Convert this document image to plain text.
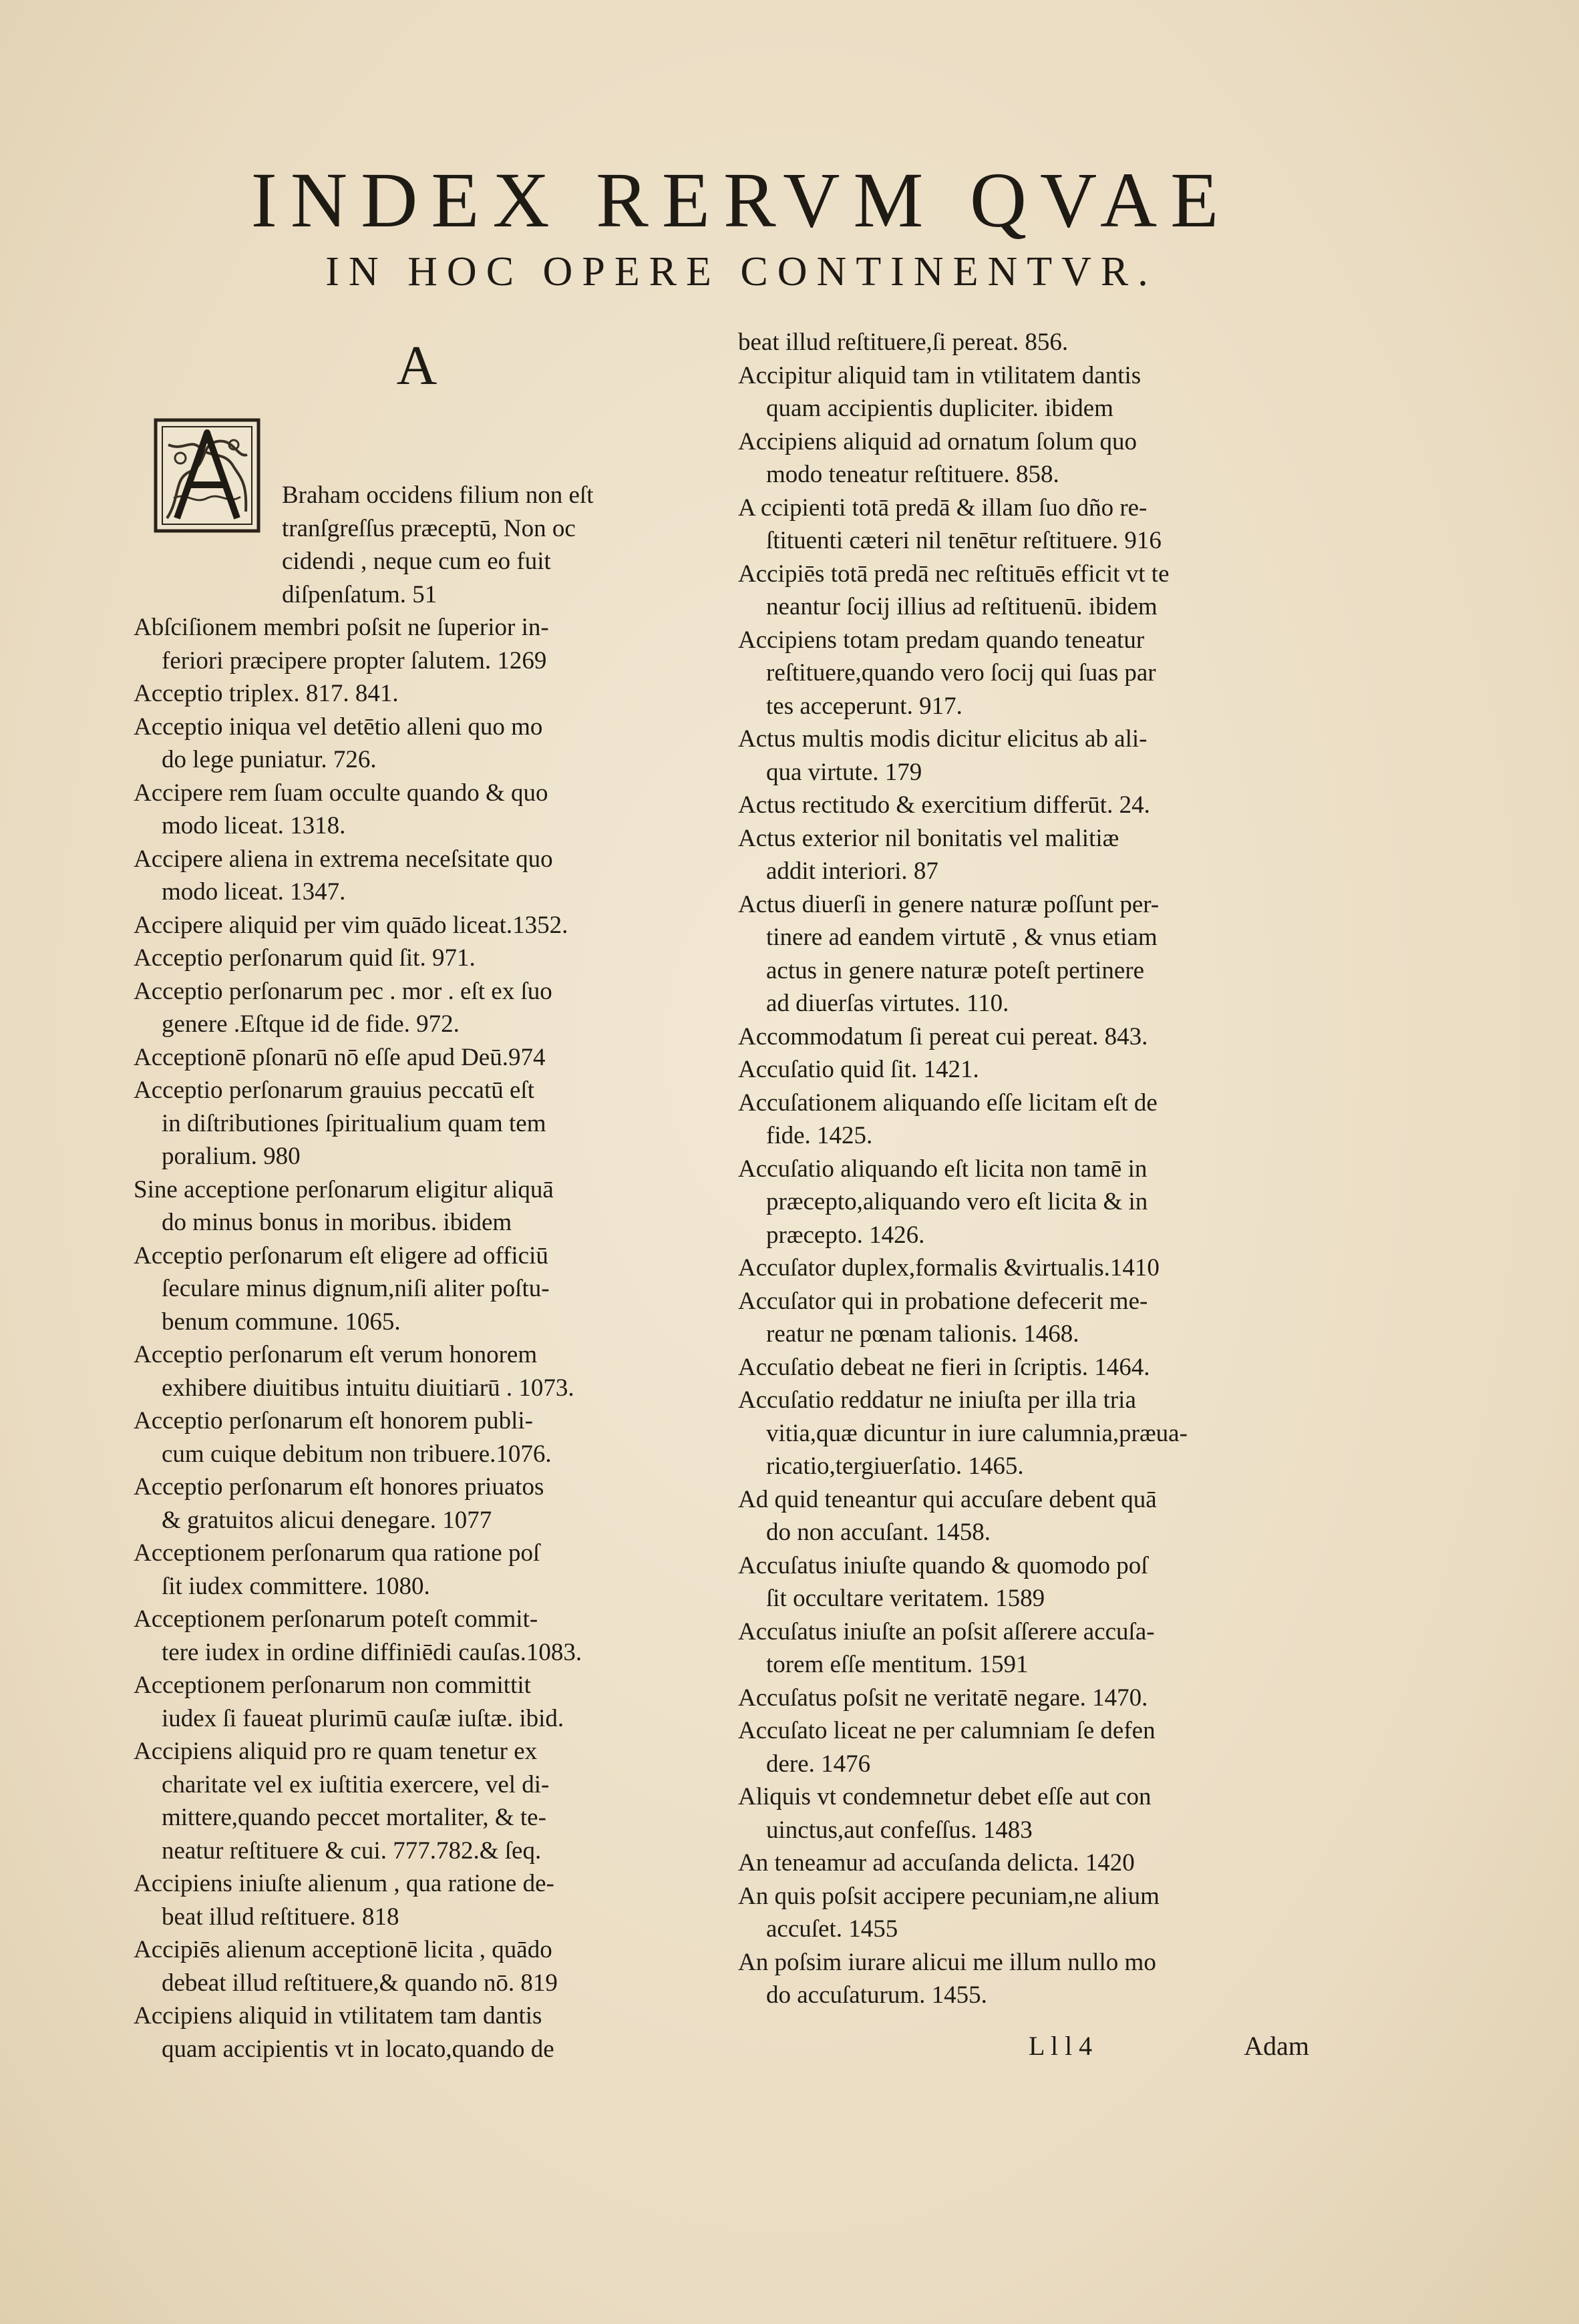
INDEX RERVM QVAE
IN HOC OPERE CONTINENTVR.
A

Braham occidens filium non eſt
tranſgreſſus præceptū, Non oc
cidendi , neque cum eo fuit
diſpenſatum. 51

Abſciſionem membri poſsit ne ſuperior in-
feriori præcipere propter ſalutem. 1269
Acceptio triplex. 817. 841.
Acceptio iniqua vel detētio alleni quo mo
do lege puniatur. 726.
Accipere rem ſuam occulte quando & quo
modo liceat. 1318.
Accipere aliena in extrema neceſsitate quo
modo liceat. 1347.
Accipere aliquid per vim quādo liceat.1352.
Acceptio perſonarum quid ſit. 971.
Acceptio perſonarum pec . mor . eſt ex ſuo
genere .Eſtque id de fide. 972.
Acceptionē pſonarū nō eſſe apud Deū.974
Acceptio perſonarum grauius peccatū eſt
in diſtributiones ſpiritualium quam tem
poralium. 980
Sine acceptione perſonarum eligitur aliquā
do minus bonus in moribus. ibidem
Acceptio perſonarum eſt eligere ad officiū
ſeculare minus dignum,niſi aliter poſtu-
benum commune. 1065.
Acceptio perſonarum eſt verum honorem
exhibere diuitibus intuitu diuitiarū . 1073.
Acceptio perſonarum eſt honorem publi-
cum cuique debitum non tribuere.1076.
Acceptio perſonarum eſt honores priuatos
& gratuitos alicui denegare. 1077
Acceptionem perſonarum qua ratione poſ
ſit iudex committere. 1080.
Acceptionem perſonarum poteſt commit-
tere iudex in ordine diffiniēdi cauſas.1083.
Acceptionem perſonarum non committit
iudex ſi faueat plurimū cauſæ iuſtæ. ibid.
Accipiens aliquid pro re quam tenetur ex
charitate vel ex iuſtitia exercere, vel di-
mittere,quando peccet mortaliter, & te-
neatur reſtituere & cui. 777.782.& ſeq.
Accipiens iniuſte alienum , qua ratione de-
beat illud reſtituere. 818
Accipiēs alienum acceptionē licita , quādo
debeat illud reſtituere,& quando nō. 819
Accipiens aliquid in vtilitatem tam dantis
quam accipientis vt in locato,quando de
beat illud reſtituere,ſi pereat. 856.
Accipitur aliquid tam in vtilitatem dantis
quam accipientis dupliciter. ibidem
Accipiens aliquid ad ornatum ſolum quo
modo teneatur reſtituere. 858.
A ccipienti totā predā & illam ſuo dño re-
ſtituenti cæteri nil tenētur reſtituere. 916
Accipiēs totā predā nec reſtituēs efficit vt te
neantur ſocij illius ad reſtituenū. ibidem
Accipiens totam predam quando teneatur
reſtituere,quando vero ſocij qui ſuas par
tes acceperunt. 917.
Actus multis modis dicitur elicitus ab ali-
qua virtute. 179
Actus rectitudo & exercitium differūt. 24.
Actus exterior nil bonitatis vel malitiæ
addit interiori. 87
Actus diuerſi in genere naturæ poſſunt per-
tinere ad eandem virtutē , & vnus etiam
actus in genere naturæ poteſt pertinere
ad diuerſas virtutes. 110.
Accommodatum ſi pereat cui pereat. 843.
Accuſatio quid ſit. 1421.
Accuſationem aliquando eſſe licitam eſt de
fide. 1425.
Accuſatio aliquando eſt licita non tamē in
præcepto,aliquando vero eſt licita & in
præcepto. 1426.
Accuſator duplex,formalis &virtualis.1410
Accuſator qui in probatione defecerit me-
reatur ne pœnam talionis. 1468.
Accuſatio debeat ne fieri in ſcriptis. 1464.
Accuſatio reddatur ne iniuſta per illa tria
vitia,quæ dicuntur in iure calumnia,præua-
ricatio,tergiuerſatio. 1465.
Ad quid teneantur qui accuſare debent quā
do non accuſant. 1458.
Accuſatus iniuſte quando & quomodo poſ
ſit occultare veritatem. 1589
Accuſatus iniuſte an poſsit aſſerere accuſa-
torem eſſe mentitum. 1591
Accuſatus poſsit ne veritatē negare. 1470.
Accuſato liceat ne per calumniam ſe defen
dere. 1476
Aliquis vt condemnetur debet eſſe aut con
uinctus,aut confeſſus. 1483
An teneamur ad accuſanda delicta. 1420
An quis poſsit accipere pecuniam,ne alium
accuſet. 1455
An poſsim iurare alicui me illum nullo mo
do accuſaturum. 1455.
L l l 4	Adam
